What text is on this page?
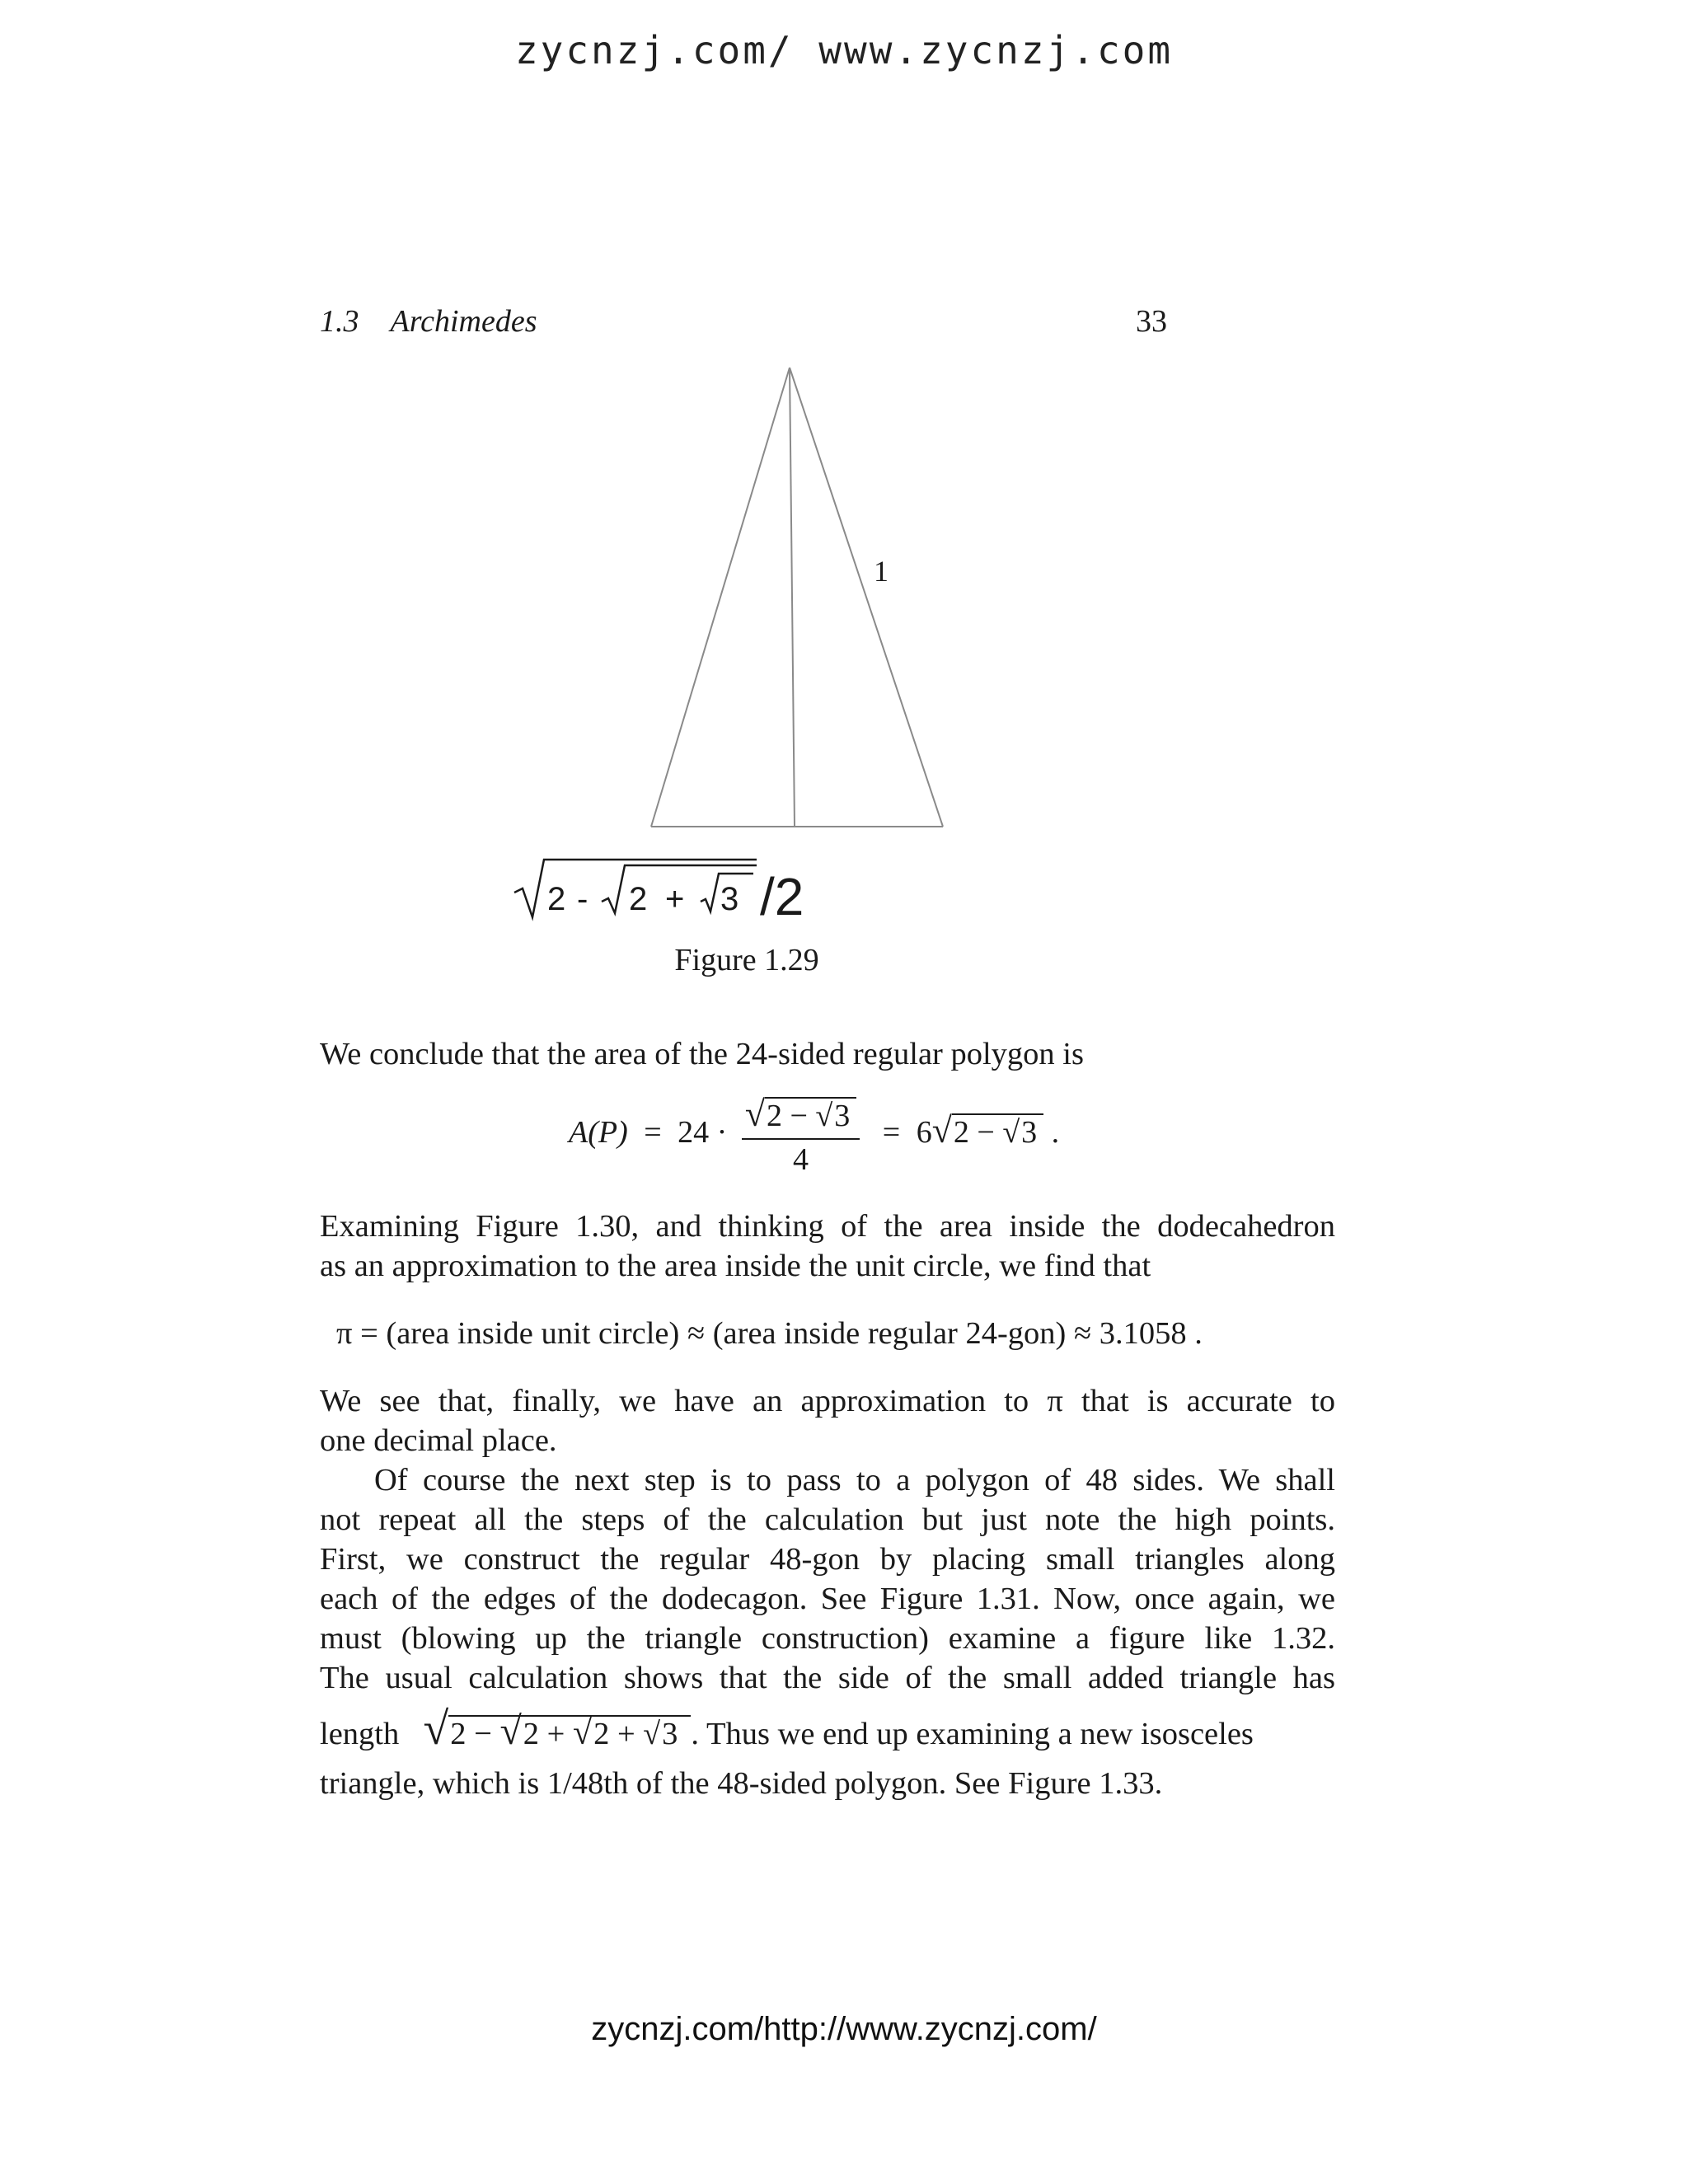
zycnzj.com/ www.zycnzj.com
1.3 Archimedes	33
1
2 - 2 + 3 /2
Figure 1.29
We conclude that the area of the 24-sided regular polygon is
$A(P) = 24 \cdot \frac{√2 - √3}{4} = 6√2 - √3$ .
Examining Figure 1.30, and thinking of the area inside the dodecahedron
as an approximation to the area inside the unit circle, we find that
π = (area inside unit circle) ≈ (area inside regular 24-gon) ≈ 3.1058 .
We see that, finally, we have an approximation to π that is accurate to
one decimal place.
Of course the next step is to pass to a polygon of 48 sides. We shall
not repeat all the steps of the calculation but just note the high points.
First, we construct the regular 48-gon by placing small triangles along
each of the edges of the dodecagon. See Figure 1.31. Now, once again, we
must (blowing up the triangle construction) examine a figure like 1.32.
The usual calculation shows that the side of the small added triangle has
length √2 − √2 + √2 + √3 . Thus we end up examining a new isosceles
triangle, which is 1/48th of the 48-sided polygon. See Figure 1.33.
zycnzj.com/http://www.zycnzj.com/
